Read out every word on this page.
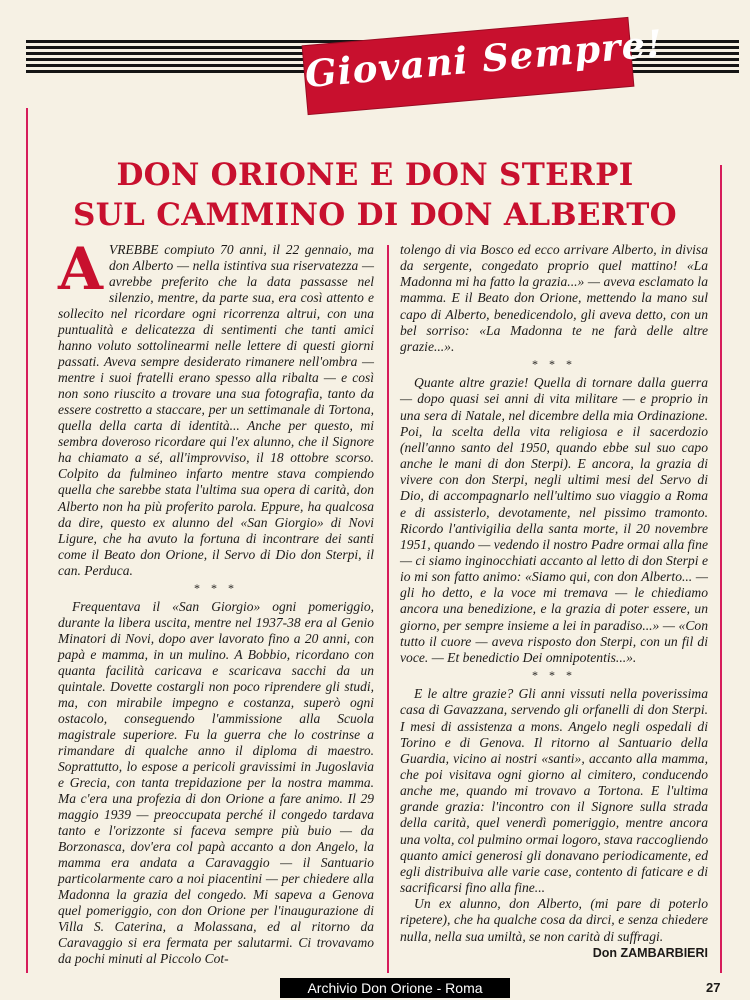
Giovani Sempre!
DON ORIONE E DON STERPI
SUL CAMMINO DI DON ALBERTO

AVREBBE compiuto 70 anni, il 22 gennaio, ma don Alberto — nella istintiva sua riservatezza — avrebbe preferito che la data passasse nel silenzio, mentre, da parte sua, era così attento e sollecito nel ricordare ogni ricorrenza altrui, con una puntualità e delicatezza di sentimenti che tanti amici hanno voluto sottolinearmi nelle lettere di questi giorni passati. Aveva sempre desiderato rimanere nell'ombra — mentre i suoi fratelli erano spesso alla ribalta — e così non sono riuscito a trovare una sua fotografia, tanto da essere costretto a staccare, per un settimanale di Tortona, quella della carta di identità... Anche per questo, mi sembra doveroso ricordare qui l'ex alunno, che il Signore ha chiamato a sé, all'improvviso, il 18 ottobre scorso. Colpito da fulmineo infarto mentre stava compiendo quella che sarebbe stata l'ultima sua opera di carità, don Alberto non ha più proferito parola. Eppure, ha qualcosa da dire, questo ex alunno del «San Giorgio» di Novi Ligure, che ha avuto la fortuna di incontrare dei santi come il Beato don Orione, il Servo di Dio don Sterpi, il can. Perduca.

* * *

Frequentava il «San Giorgio» ogni pomeriggio, durante la libera uscita, mentre nel 1937-38 era al Genio Minatori di Novi, dopo aver lavorato fino a 20 anni, con papà e mamma, in un mulino. A Bobbio, ricordano con quanta facilità caricava e scaricava sacchi da un quintale. Dovette costargli non poco riprendere gli studi, ma, con mirabile impegno e costanza, superò ogni ostacolo, conseguendo l'ammissione alla Scuola magistrale superiore. Fu la guerra che lo costrinse a rimandare di qualche anno il diploma di maestro. Soprattutto, lo espose a pericoli gravissimi in Jugoslavia e Grecia, con tanta trepidazione per la nostra mamma. Ma c'era una profezia di don Orione a fare animo. Il 29 maggio 1939 — preoccupata perché il congedo tardava tanto e l'orizzonte si faceva sempre più buio — da Borzonasca, dov'era col papà accanto a don Angelo, la mamma era andata a Caravaggio — il Santuario particolarmente caro a noi piacentini — per chiedere alla Madonna la grazia del congedo. Mi sapeva a Genova quel pomeriggio, con don Orione per l'inaugurazione di Villa S. Caterina, a Molassana, ed al ritorno da Caravaggio si era fermata per salutarmi. Ci trovavamo da pochi minuti al Piccolo Cot-

tolengo di via Bosco ed ecco arrivare Alberto, in divisa da sergente, congedato proprio quel mattino! «La Madonna mi ha fatto la grazia...» — aveva esclamato la mamma. E il Beato don Orione, mettendo la mano sul capo di Alberto, benedicendolo, gli aveva detto, con un bel sorriso: «La Madonna te ne farà delle altre grazie...».

* * *

Quante altre grazie! Quella di tornare dalla guerra — dopo quasi sei anni di vita militare — e proprio in una sera di Natale, nel dicembre della mia Ordinazione. Poi, la scelta della vita religiosa e il sacerdozio (nell'anno santo del 1950, quando ebbe sul suo capo anche le mani di don Sterpi). E ancora, la grazia di vivere con don Sterpi, negli ultimi mesi del Servo di Dio, di accompagnarlo nell'ultimo suo viaggio a Roma e di assisterlo, devotamente, nel pissimo tramonto. Ricordo l'antivigilia della santa morte, il 20 novembre 1951, quando — vedendo il nostro Padre ormai alla fine — ci siamo inginocchiati accanto al letto di don Sterpi e io mi son fatto animo: «Siamo qui, con don Alberto... — gli ho detto, e la voce mi tremava — le chiediamo ancora una benedizione, e la grazia di poter essere, un giorno, per sempre insieme a lei in paradiso...» — «Con tutto il cuore — aveva risposto don Sterpi, con un fil di voce. — Et benedictio Dei omnipotentis...».

* * *

E le altre grazie? Gli anni vissuti nella poverissima casa di Gavazzana, servendo gli orfanelli di don Sterpi. I mesi di assistenza a mons. Angelo negli ospedali di Torino e di Genova. Il ritorno al Santuario della Guardia, vicino ai nostri «santi», accanto alla mamma, che poi visitava ogni giorno al cimitero, conducendo anche me, quando mi trovavo a Tortona. E l'ultima grande grazia: l'incontro con il Signore sulla strada della carità, quel venerdì pomeriggio, mentre ancora una volta, col pulmino ormai logoro, stava raccogliendo quanto amici generosi gli donavano periodicamente, ed egli distribuiva alle varie case, contento di faticare e di sacrificarsi fino alla fine...

Un ex alunno, don Alberto, (mi pare di poterlo ripetere), che ha qualche cosa da dirci, e senza chiedere nulla, nella sua umiltà, se non carità di suffragi.

Don ZAMBARBIERI
Archivio Don Orione - Roma	27
